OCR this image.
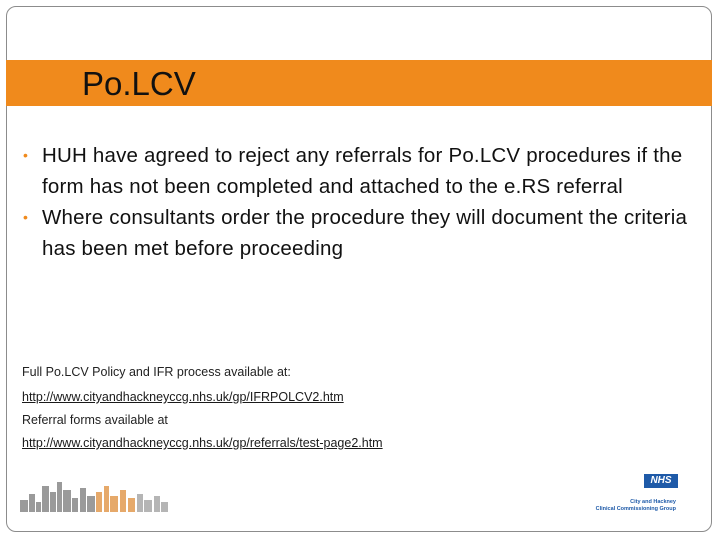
Po.LCV
• HUH have agreed to reject any referrals for Po.LCV procedures if the form has not been completed and attached to the e.RS referral
• Where consultants order the procedure they will document the criteria has been met before proceeding
Full Po.LCV Policy and IFR process available at:
http://www.cityandhackneyccg.nhs.uk/gp/IFRPOLCV2.htm
Referral forms available at
http://www.cityandhackneyccg.nhs.uk/gp/referrals/test-page2.htm
NHS
City and Hackney
Clinical Commissioning Group
